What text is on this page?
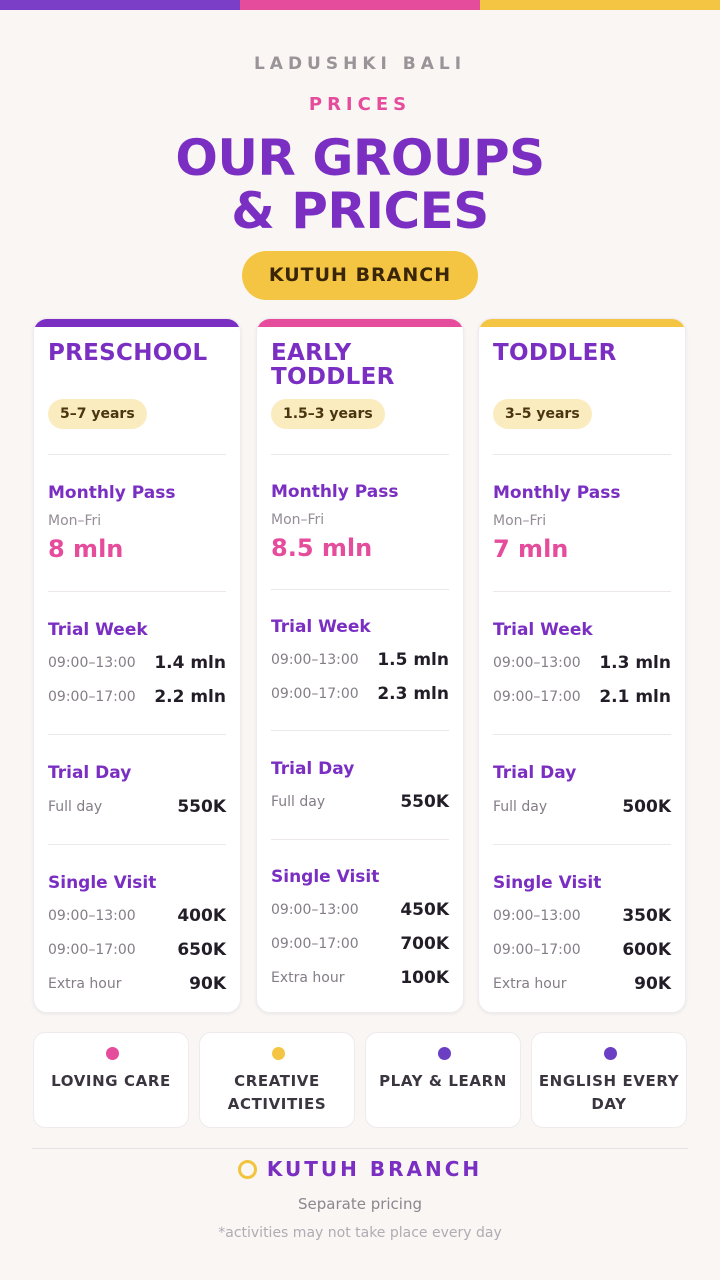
LADUSHKI BALI
PRICES
OUR GROUPS
& PRICES
KUTUH BRANCH
PRESCHOOL
5–7 years
Monthly Pass
Mon–Fri
8 mln
Trial Week
09:00–13:00 1.4 mln
09:00–17:00 2.2 mln
Trial Day
Full day	550K
Single Visit
09:00–13:00 400K
09:00–17:00 650K
Extra hour	90K
EARLY
TODDLER
1.5–3 years
Monthly Pass
Mon–Fri
8.5 mln
Trial Week
09:00–13:00 1.5 mln
09:00–17:00 2.3 mln
Trial Day
Full day	550K
Single Visit
09:00–13:00 450K
09:00–17:00 700K
Extra hour	100K
TODDLER
3–5 years
Monthly Pass
Mon–Fri
7 mln
Trial Week
09:00–13:00 1.3 mln
09:00–17:00 2.1 mln
Trial Day
Full day	500K
Single Visit
09:00–13:00 350K
09:00–17:00 600K
Extra hour	90K
LOVING CARE	CREATIVE
ACTIVITIES
PLAY & LEARN	ENGLISH EVERY
DAY
KUTUH BRANCH
Separate pricing
*activities may not take place every day
